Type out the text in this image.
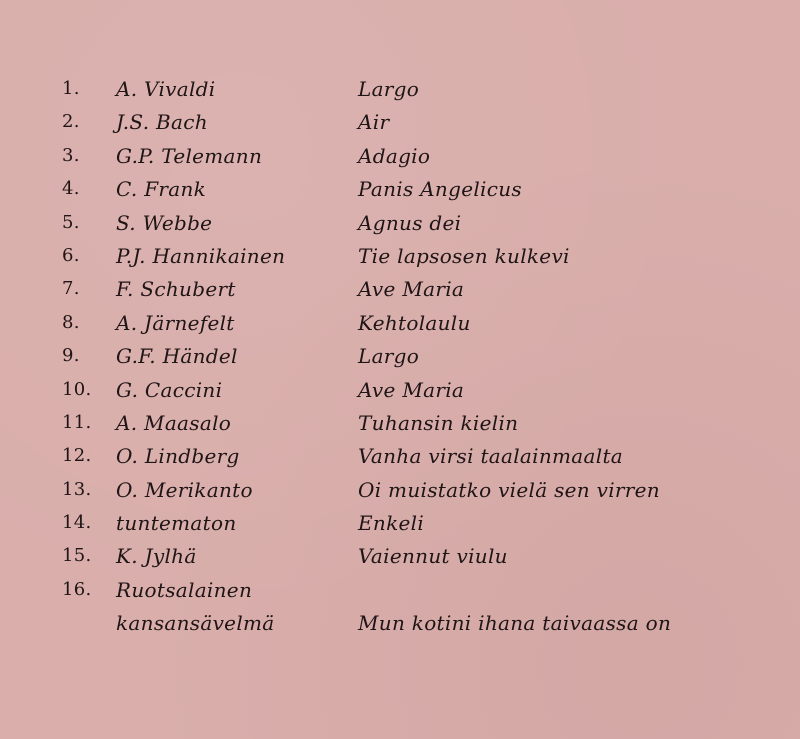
1. A. Vivaldi	Largo
2. J.S. Bach	Air
3. G.P. Telemann	Adagio
4. C. Frank	Panis Angelicus
5. S. Webbe	Agnus dei
6. P.J. Hannikainen	Tie lapsosen kulkevi
7. F. Schubert	Ave Maria
8. A. Järnefelt	Kehtolaulu
9. G.F. Händel	Largo
10. G. Caccini	Ave Maria
11. A. Maasalo	Tuhansin kielin
12. O. Lindberg	Vanha virsi taalainmaalta
13. O. Merikanto	Oi muistatko vielä sen virren
14. tuntematon	Enkeli
15. K. Jylhä	Vaiennut viulu
16. Ruotsalainen
kansansävelmä	Mun kotini ihana taivaassa on
